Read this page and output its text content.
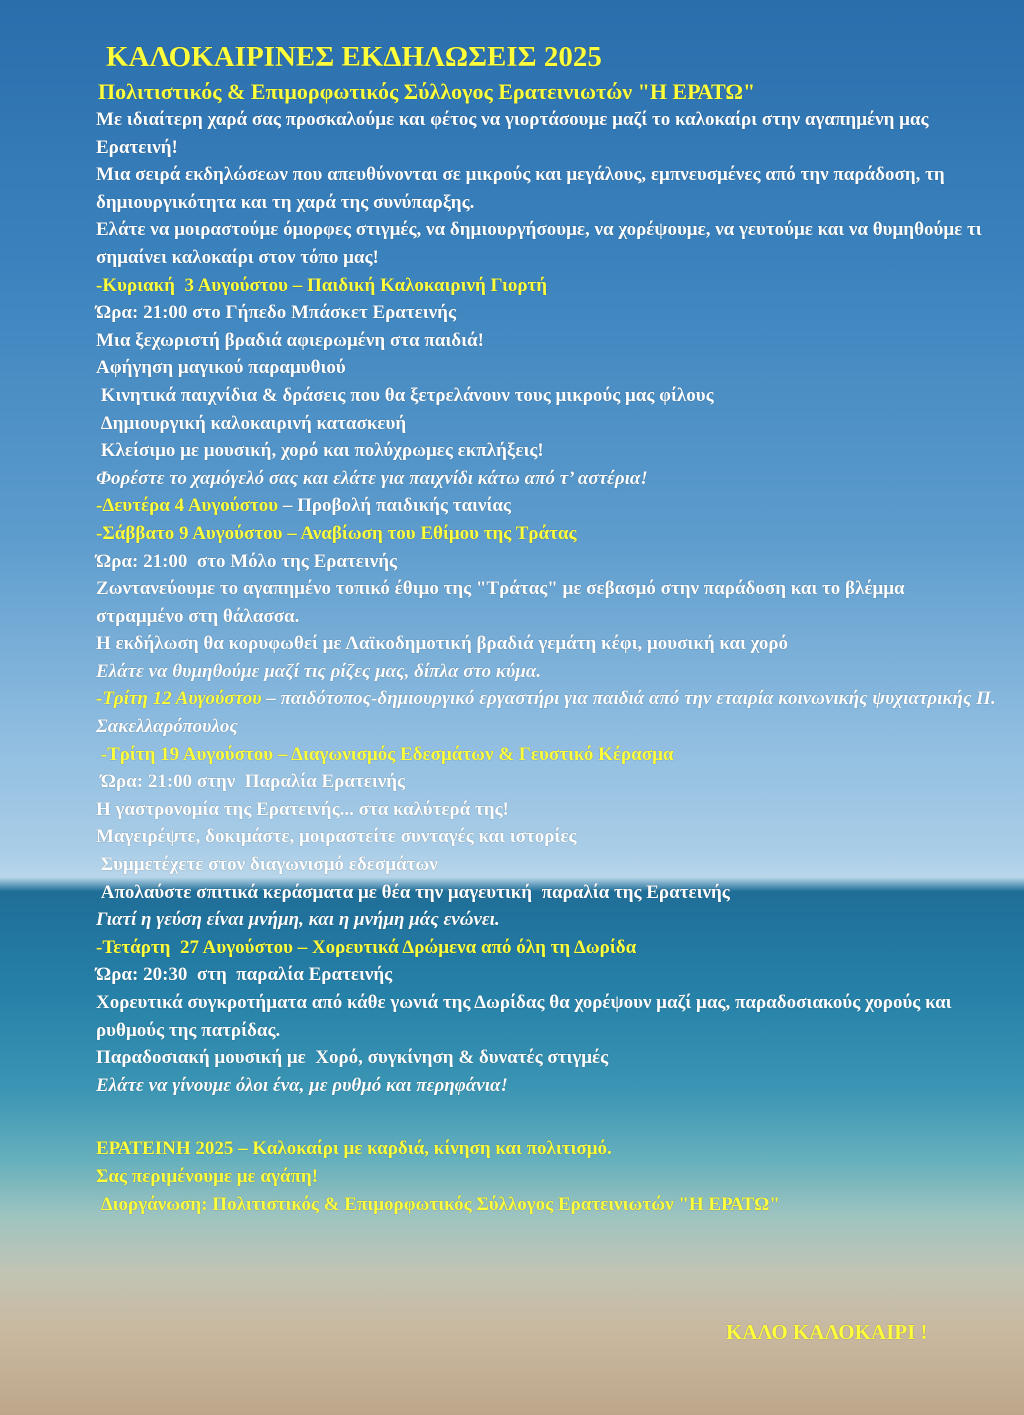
ΚΑΛΟΚΑΙΡΙΝΕΣ ΕΚΔΗΛΩΣΕΙΣ 2025
Πολιτιστικός & Επιμορφωτικός Σύλλογος Ερατεινιωτών "Η ΕΡΑΤΩ"

Με ιδιαίτερη χαρά σας προσκαλούμε και φέτος να γιορτάσουμε μαζί το καλοκαίρι στην αγαπημένη μας Ερατεινή!

Μια σειρά εκδηλώσεων που απευθύνονται σε μικρούς και μεγάλους, εμπνευσμένες από την παράδοση, τη δημιουργικότητα και τη χαρά της συνύπαρξης.

Ελάτε να μοιραστούμε όμορφες στιγμές, να δημιουργήσουμε, να χορέψουμε, να γευτούμε και να θυμηθούμε τι σημαίνει καλοκαίρι στον τόπο μας!

-Κυριακή  3 Αυγούστου – Παιδική Καλοκαιρινή Γιορτή

Ώρα: 21:00 στο Γήπεδο Μπάσκετ Ερατεινής

Μια ξεχωριστή βραδιά αφιερωμένη στα παιδιά!

Αφήγηση μαγικού παραμυθιού

Κινητικά παιχνίδια & δράσεις που θα ξετρελάνουν τους μικρούς μας φίλους

Δημιουργική καλοκαιρινή κατασκευή

Κλείσιμο με μουσική, χορό και πολύχρωμες εκπλήξεις!

Φορέστε το χαμόγελό σας και ελάτε για παιχνίδι κάτω από τ’ αστέρια!

-Δευτέρα 4 Αυγούστου – Προβολή παιδικής ταινίας

-Σάββατο 9 Αυγούστου – Αναβίωση του Εθίμου της Τράτας

Ώρα: 21:00  στο Μόλο της Ερατεινής

Ζωντανεύουμε το αγαπημένο τοπικό έθιμο της "Τράτας" με σεβασμό στην παράδοση και το βλέμμα στραμμένο στη θάλασσα.

Η εκδήλωση θα κορυφωθεί με Λαϊκοδημοτική βραδιά γεμάτη κέφι, μουσική και χορό

Ελάτε να θυμηθούμε μαζί τις ρίζες μας, δίπλα στο κύμα.

-Τρίτη 12 Αυγούστου – παιδότοπος-δημιουργικό εργαστήρι για παιδιά από την εταιρία κοινωνικής ψυχιατρικής Π. Σακελλαρόπουλος

-Τρίτη 19 Αυγούστου – Διαγωνισμός Εδεσμάτων & Γευστικό Κέρασμα

Ώρα: 21:00 στην  Παραλία Ερατεινής

Η γαστρονομία της Ερατεινής... στα καλύτερά της!

Μαγειρέψτε, δοκιμάστε, μοιραστείτε συνταγές και ιστορίες

Συμμετέχετε στον διαγωνισμό εδεσμάτων

Απολαύστε σπιτικά κεράσματα με θέα την μαγευτική  παραλία της Ερατεινής

Γιατί η γεύση είναι μνήμη, και η μνήμη μάς ενώνει.

-Τετάρτη  27 Αυγούστου – Χορευτικά Δρώμενα από όλη τη Δωρίδα

Ώρα: 20:30  στη  παραλία Ερατεινής

Χορευτικά συγκροτήματα από κάθε γωνιά της Δωρίδας θα χορέψουν μαζί μας, παραδοσιακούς χορούς και ρυθμούς της πατρίδας.

Παραδοσιακή μουσική με  Χορό, συγκίνηση & δυνατές στιγμές

Ελάτε να γίνουμε όλοι ένα, με ρυθμό και περηφάνια!

ΕΡΑΤΕΙΝΗ 2025 – Καλοκαίρι με καρδιά, κίνηση και πολιτισμό.

Σας περιμένουμε με αγάπη!

Διοργάνωση: Πολιτιστικός & Επιμορφωτικός Σύλλογος Ερατεινιωτών "Η ΕΡΑΤΩ"

ΚΑΛΟ ΚΑΛΟΚΑΙΡΙ !
